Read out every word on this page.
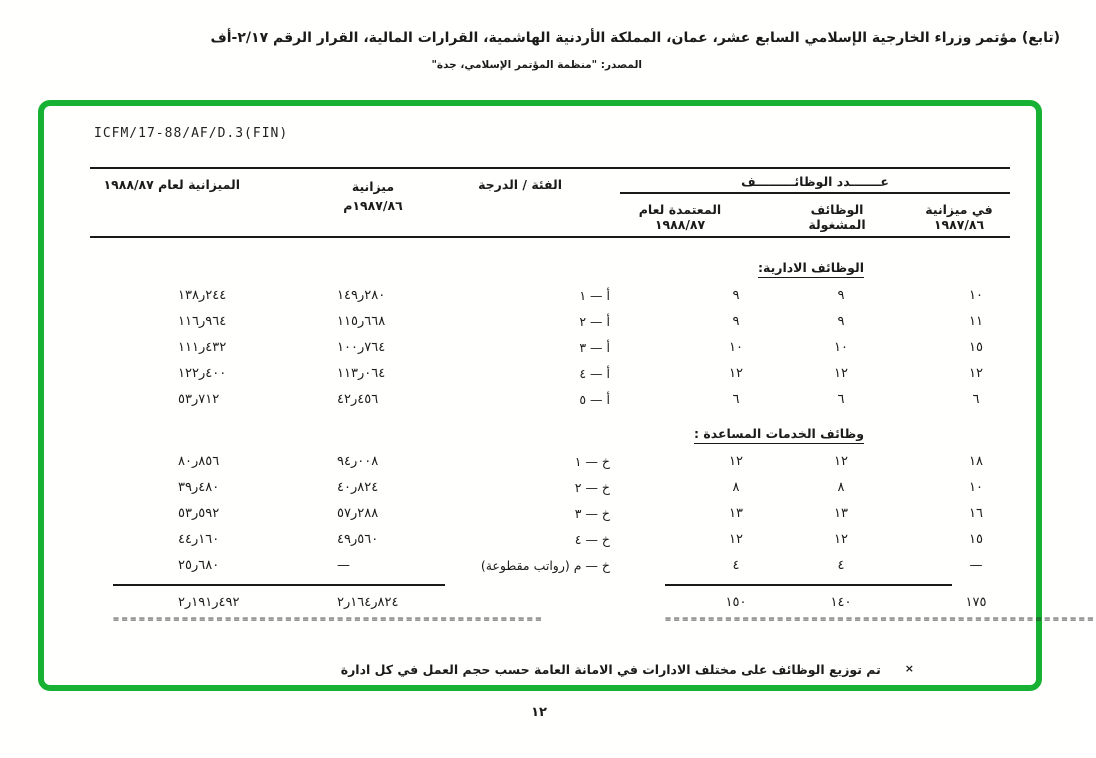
(تابع) مؤتمر وزراء الخارجية الإسلامي السابع عشر، عمان، المملكة الأردنية الهاشمية، القرارات المالية، القرار الرقم ٢/١٧-أف
المصدر: "منظمة المؤتمر الإسلامي، جدة"
ICFM/17-88/AF/D.3(FIN)
عـــــــدد الوظائـــــــــف
في ميزانية
١٩٨٧/٨٦
الوظائف المشغولة
المعتمدة لعام
١٩٨٨/٨٧
الفئة / الدرجة
ميزانية
١٩٨٧/٨٦م
الميزانية لعام ١٩٨٨/٨٧
الوظائف الادارية:
١٠
٩
٩
أ — ١
١٤٩ر٢٨٠
١٣٨ر٢٤٤
١١
٩
٩
أ — ٢
١١٥ر٦٦٨
١١٦ر٩٦٤
١٥
١٠
١٠
أ — ٣
١٠٠ر٧٦٤
١١١ر٤٣٢
١٢
١٢
١٢
أ — ٤
١١٣ر٠٦٤
١٢٢ر٤٠٠
٦
٦
٦
أ — ٥
٤٢ر٤٥٦
٥٣ر٧١٢
وظائف الخدمات المساعدة :
١٨
١٢
١٢
خ — ١
٩٤ر٠٠٨
٨٠ر٨٥٦
١٠
٨
٨
خ — ٢
٤٠ر٨٢٤
٣٩ر٤٨٠
١٦
١٣
١٣
خ — ٣
٥٧ر٢٨٨
٥٣ر٥٩٢
١٥
١٢
١٢
خ — ٤
٤٩ر٥٦٠
٤٤ر١٦٠
—
٤
٤
خ — م (رواتب مقطوعة)
—
٢٥ر٦٨٠
١٧٥
١٤٠
١٥٠
٢ر١٦٤ر٨٢٤
٢ر١٩١ر٤٩٢
==================================================	==================================================
×
تم توزيع الوظائف على مختلف الادارات في الامانة العامة حسب حجم العمل في كل ادارة
١٢
